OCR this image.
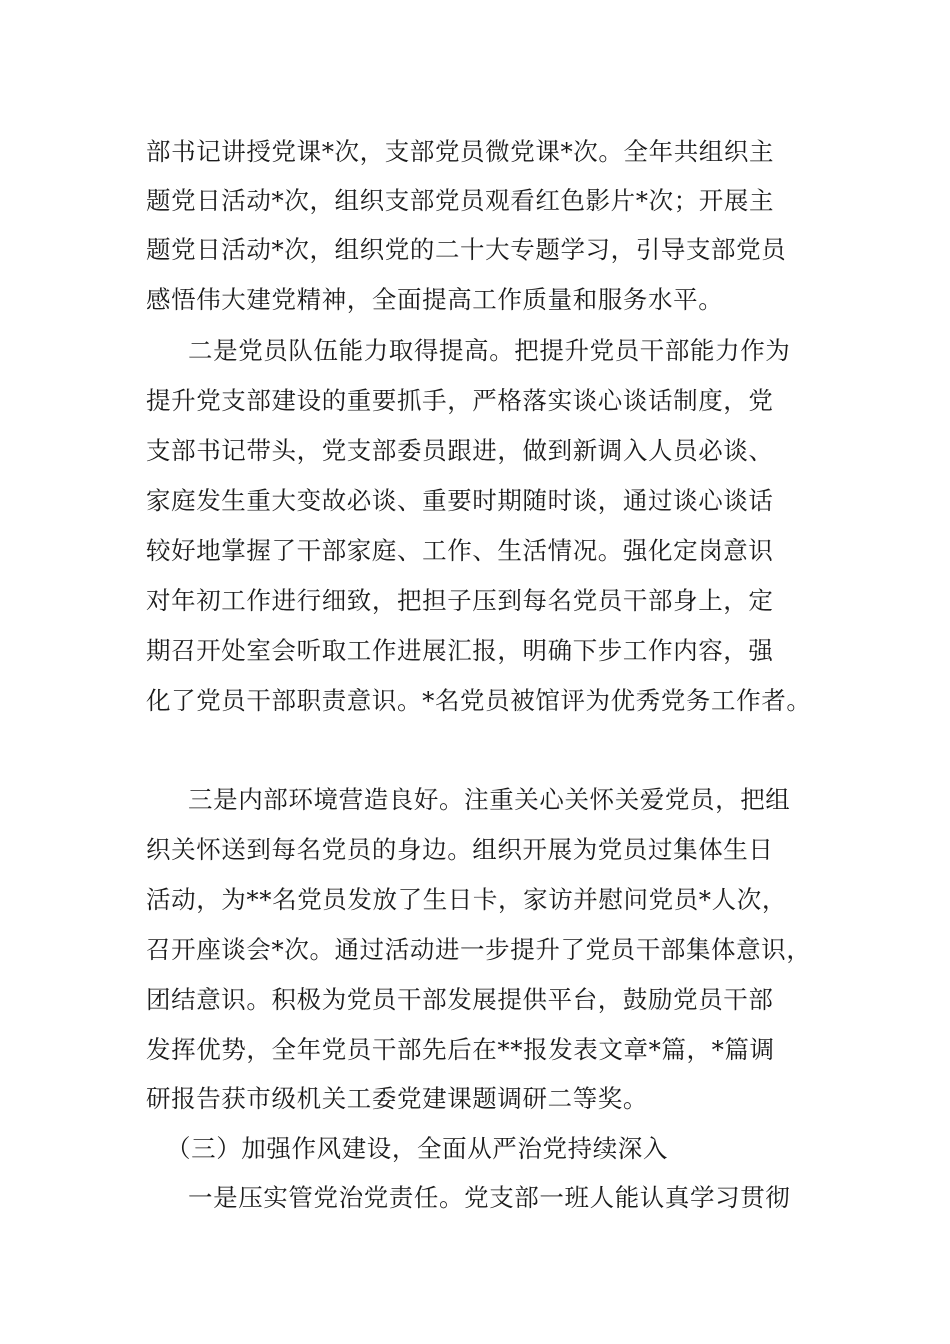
部书记讲授党课*次，支部党员微党课*次。全年共组织主
题党日活动*次，组织支部党员观看红色影片*次；开展主
题党日活动*次，组织党的二十大专题学习，引导支部党员
感悟伟大建党精神，全面提高工作质量和服务水平。
二是党员队伍能力取得提高。把提升党员干部能力作为
提升党支部建设的重要抓手，严格落实谈心谈话制度，党
支部书记带头，党支部委员跟进，做到新调入人员必谈、
家庭发生重大变故必谈、重要时期随时谈，通过谈心谈话
较好地掌握了干部家庭、工作、生活情况。强化定岗意识
对年初工作进行细致，把担子压到每名党员干部身上，定
期召开处室会听取工作进展汇报，明确下步工作内容，强
化了党员干部职责意识。*名党员被馆评为优秀党务工作者。
三是内部环境营造良好。注重关心关怀关爱党员，把组
织关怀送到每名党员的身边。组织开展为党员过集体生日
活动，为**名党员发放了生日卡，家访并慰问党员*人次，
召开座谈会*次。通过活动进一步提升了党员干部集体意识，
团结意识。积极为党员干部发展提供平台，鼓励党员干部
发挥优势，全年党员干部先后在**报发表文章*篇，*篇调
研报告获市级机关工委党建课题调研二等奖。
（三）加强作风建设，全面从严治党持续深入
一是压实管党治党责任。党支部一班人能认真学习贯彻
